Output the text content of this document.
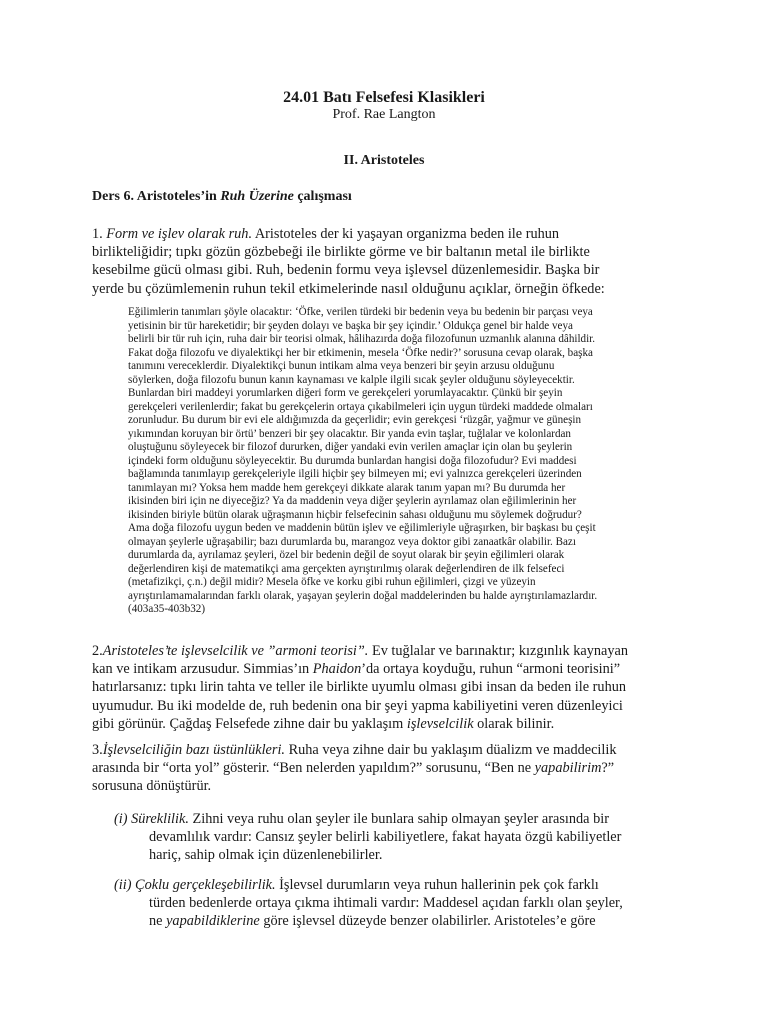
24.01 Batı Felsefesi Klasikleri
Prof. Rae Langton
II. Aristoteles
Ders 6. Aristoteles’in Ruh Üzerine çalışması
1. Form ve işlev olarak ruh. Aristoteles der ki yaşayan organizma beden ile ruhun
birlikteliğidir; tıpkı gözün gözbebeği ile birlikte görme ve bir baltanın metal ile birlikte
kesebilme gücü olması gibi. Ruh, bedenin formu veya işlevsel düzenlemesidir. Başka bir
yerde bu çözümlemenin ruhun tekil etkimelerinde nasıl olduğunu açıklar, örneğin öfkede:
Eğilimlerin tanımları şöyle olacaktır: ‘Öfke, verilen türdeki bir bedenin veya bu bedenin bir parçası veya
yetisinin bir tür hareketidir; bir şeyden dolayı ve başka bir şey içindir.’ Oldukça genel bir halde veya
belirli bir tür ruh için, ruha dair bir teorisi olmak, hâlihazırda doğa filozofunun uzmanlık alanına dâhildir.
Fakat doğa filozofu ve diyalektikçi her bir etkimenin, mesela ‘Öfke nedir?’ sorusuna cevap olarak, başka
tanımını vereceklerdir. Diyalektikçi bunun intikam alma veya benzeri bir şeyin arzusu olduğunu
söylerken, doğa filozofu bunun kanın kaynaması ve kalple ilgili sıcak şeyler olduğunu söyleyecektir.
Bunlardan biri maddeyi yorumlarken diğeri form ve gerekçeleri yorumlayacaktır. Çünkü bir şeyin
gerekçeleri verilenlerdir; fakat bu gerekçelerin ortaya çıkabilmeleri için uygun türdeki maddede olmaları
zorunludur. Bu durum bir evi ele aldığımızda da geçerlidir; evin gerekçesi ‘rüzgâr, yağmur ve güneşin
yıkımından koruyan bir örtü’ benzeri bir şey olacaktır. Bir yanda evin taşlar, tuğlalar ve kolonlardan
oluştuğunu söyleyecek bir filozof dururken, diğer yandaki evin verilen amaçlar için olan bu şeylerin
içindeki form olduğunu söyleyecektir. Bu durumda bunlardan hangisi doğa filozofudur? Evi maddesi
bağlamında tanımlayıp gerekçeleriyle ilgili hiçbir şey bilmeyen mi; evi yalnızca gerekçeleri üzerinden
tanımlayan mı? Yoksa hem madde hem gerekçeyi dikkate alarak tanım yapan mı? Bu durumda her
ikisinden biri için ne diyeceğiz? Ya da maddenin veya diğer şeylerin ayrılamaz olan eğilimlerinin her
ikisinden biriyle bütün olarak uğraşmanın hiçbir felsefecinin sahası olduğunu mu söylemek doğrudur?
Ama doğa filozofu uygun beden ve maddenin bütün işlev ve eğilimleriyle uğraşırken, bir başkası bu çeşit
olmayan şeylerle uğraşabilir; bazı durumlarda bu, marangoz veya doktor gibi zanaatkâr olabilir. Bazı
durumlarda da, ayrılamaz şeyleri, özel bir bedenin değil de soyut olarak bir şeyin eğilimleri olarak
değerlendiren kişi de matematikçi ama gerçekten ayrıştırılmış olarak değerlendiren de ilk felsefeci
(metafizikçi, ç.n.) değil midir? Mesela öfke ve korku gibi ruhun eğilimleri, çizgi ve yüzeyin
ayrıştırılamamalarından farklı olarak, yaşayan şeylerin doğal maddelerinden bu halde ayrıştırılamazlardır.
(403a35-403b32)
2.Aristoteles’te işlevselcilik ve ”armoni teorisi”. Ev tuğlalar ve barınaktır; kızgınlık kaynayan
kan ve intikam arzusudur. Simmias’ın Phaidon’da ortaya koyduğu, ruhun “armoni teorisini”
hatırlarsanız: tıpkı lirin tahta ve teller ile birlikte uyumlu olması gibi insan da beden ile ruhun
uyumudur. Bu iki modelde de, ruh bedenin ona bir şeyi yapma kabiliyetini veren düzenleyici
gibi görünür. Çağdaş Felsefede zihne dair bu yaklaşım işlevselcilik olarak bilinir.
3.İşlevselciliğin bazı üstünlükleri. Ruha veya zihne dair bu yaklaşım düalizm ve maddecilik
arasında bir “orta yol” gösterir. “Ben nelerden yapıldım?” sorusunu, “Ben ne yapabilirim?”
sorusuna dönüştürür.
(i) Süreklilik. Zihni veya ruhu olan şeyler ile bunlara sahip olmayan şeyler arasında bir
devamlılık vardır: Cansız şeyler belirli kabiliyetlere, fakat hayata özgü kabiliyetler
hariç, sahip olmak için düzenlenebilirler.
(ii) Çoklu gerçekleşebilirlik. İşlevsel durumların veya ruhun hallerinin pek çok farklı
türden bedenlerde ortaya çıkma ihtimali vardır: Maddesel açıdan farklı olan şeyler,
ne yapabildiklerine göre işlevsel düzeyde benzer olabilirler. Aristoteles’e göre
